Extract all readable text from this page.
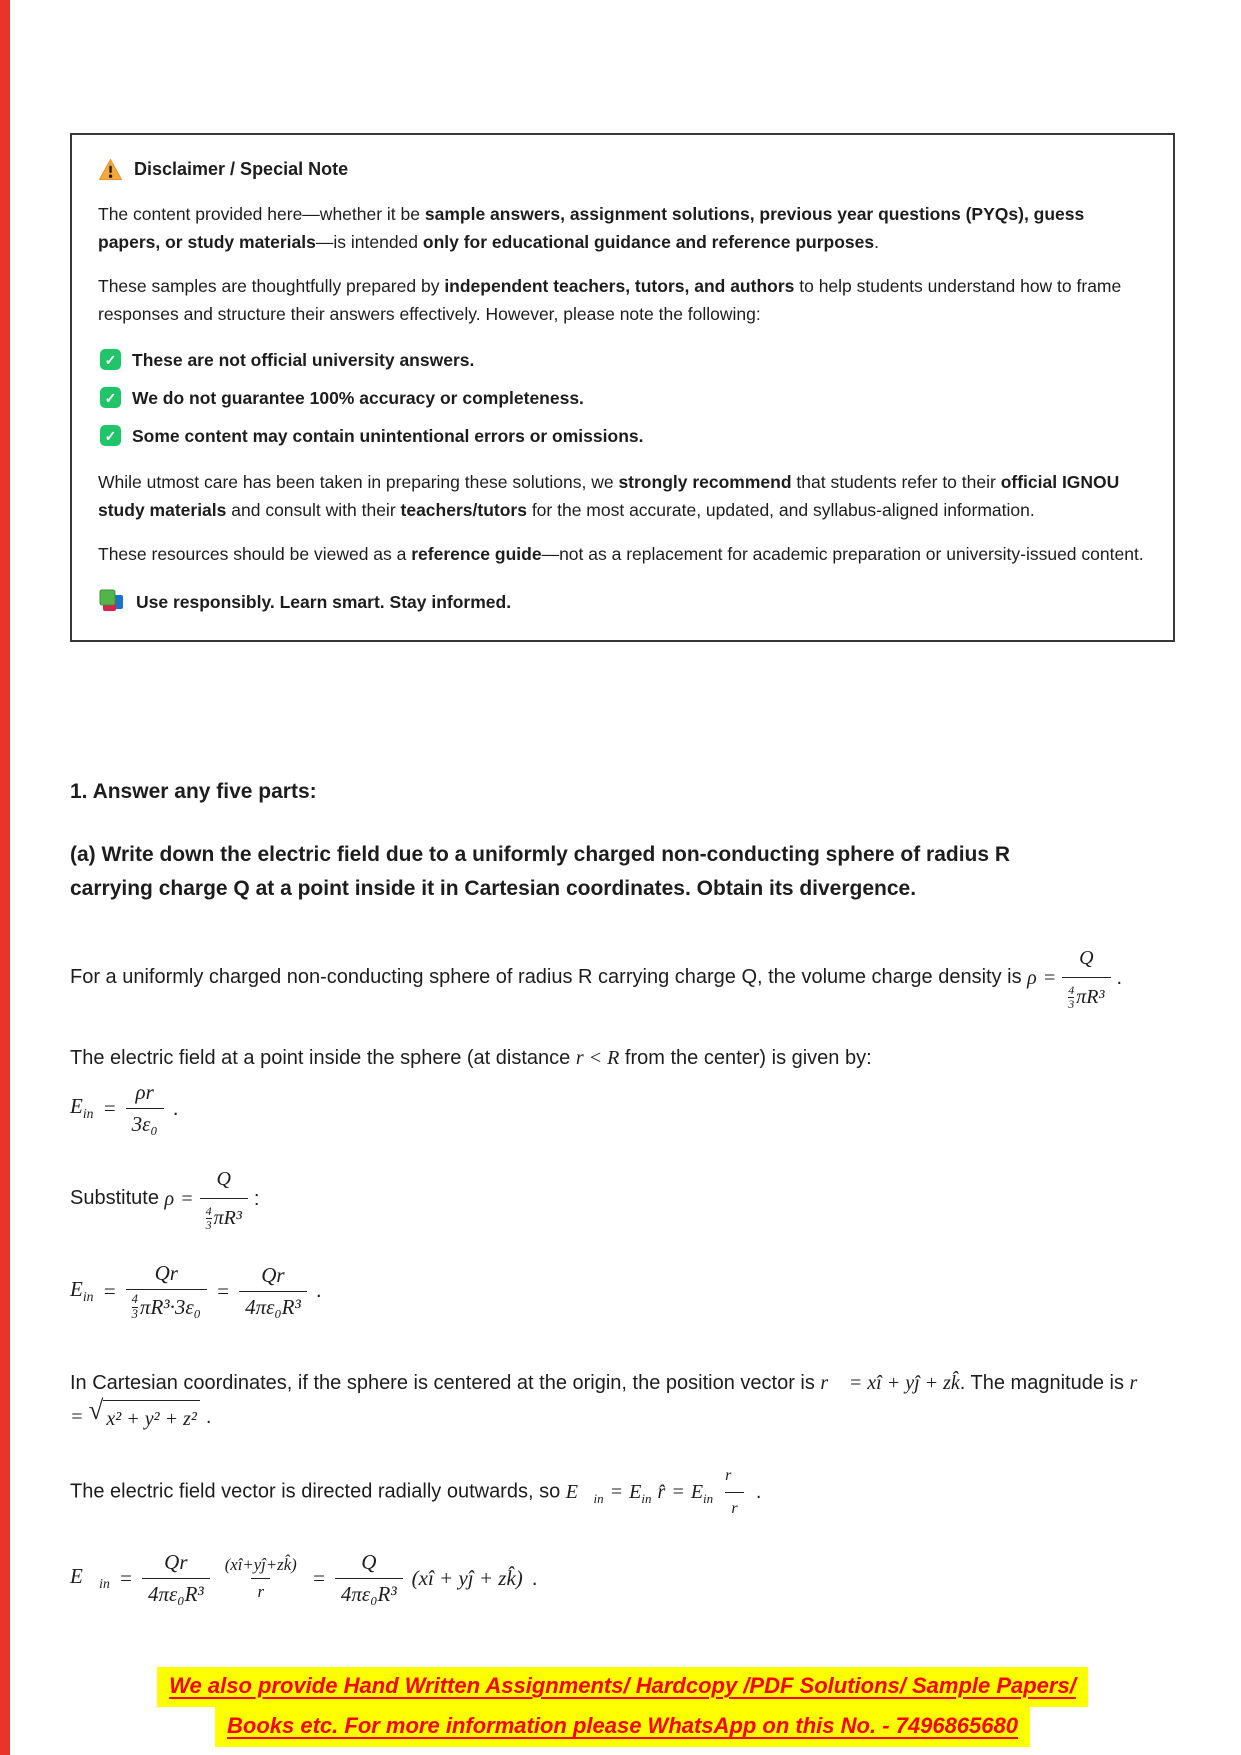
Disclaimer / Special Note

The content provided here—whether it be sample answers, assignment solutions, previous year questions (PYQs), guess papers, or study materials—is intended only for educational guidance and reference purposes.

These samples are thoughtfully prepared by independent teachers, tutors, and authors to help students understand how to frame responses and structure their answers effectively. However, please note the following:

✓ These are not official university answers.
✓ We do not guarantee 100% accuracy or completeness.
✓ Some content may contain unintentional errors or omissions.

While utmost care has been taken in preparing these solutions, we strongly recommend that students refer to their official IGNOU study materials and consult with their teachers/tutors for the most accurate, updated, and syllabus-aligned information.

These resources should be viewed as a reference guide—not as a replacement for academic preparation or university-issued content.

Use responsibly. Learn smart. Stay informed.
1. Answer any five parts:
(a) Write down the electric field due to a uniformly charged non-conducting sphere of radius R carrying charge Q at a point inside it in Cartesian coordinates. Obtain its divergence.

For a uniformly charged non-conducting sphere of radius R carrying charge Q, the volume charge density is ρ = Q
4
3 πR³ .

The electric field at a point inside the sphere (at distance r < R from the center) is given by:

$E_{in} = \frac{\rho r}{\text{3ε₀}}$ .

Substitute ρ = Q
4
3 πR³ :

$E_{in} = Qr$
4
3 $\pi R^3\cdot 3\varepsilon_0 = \frac{Qr}{\text{4πε₀R³}}$ .

In Cartesian coordinates, if the sphere is centered at the origin, the position vector is r⃗ = xî + yĵ + zk̂. The magnitude is r = √ x² + y² + z² .

The electric field vector is directed radially outwards, so $E⃗_{in} = E_{in}$ r̂ = $E_{in} \frac{r⃗}{r}$ .

$E⃗_{in} = \frac{Qr}{\text{4πε₀R³}} \frac{(xî+yĵ+zk̂)}{r} = \frac{Q}{\text{4πε₀R³}}$ (xî + yĵ + zk̂) .
We also provide Hand Written Assignments/ Hardcopy /PDF Solutions/ Sample Papers/
Books etc. For more information please WhatsApp on this No. - 7496865680
